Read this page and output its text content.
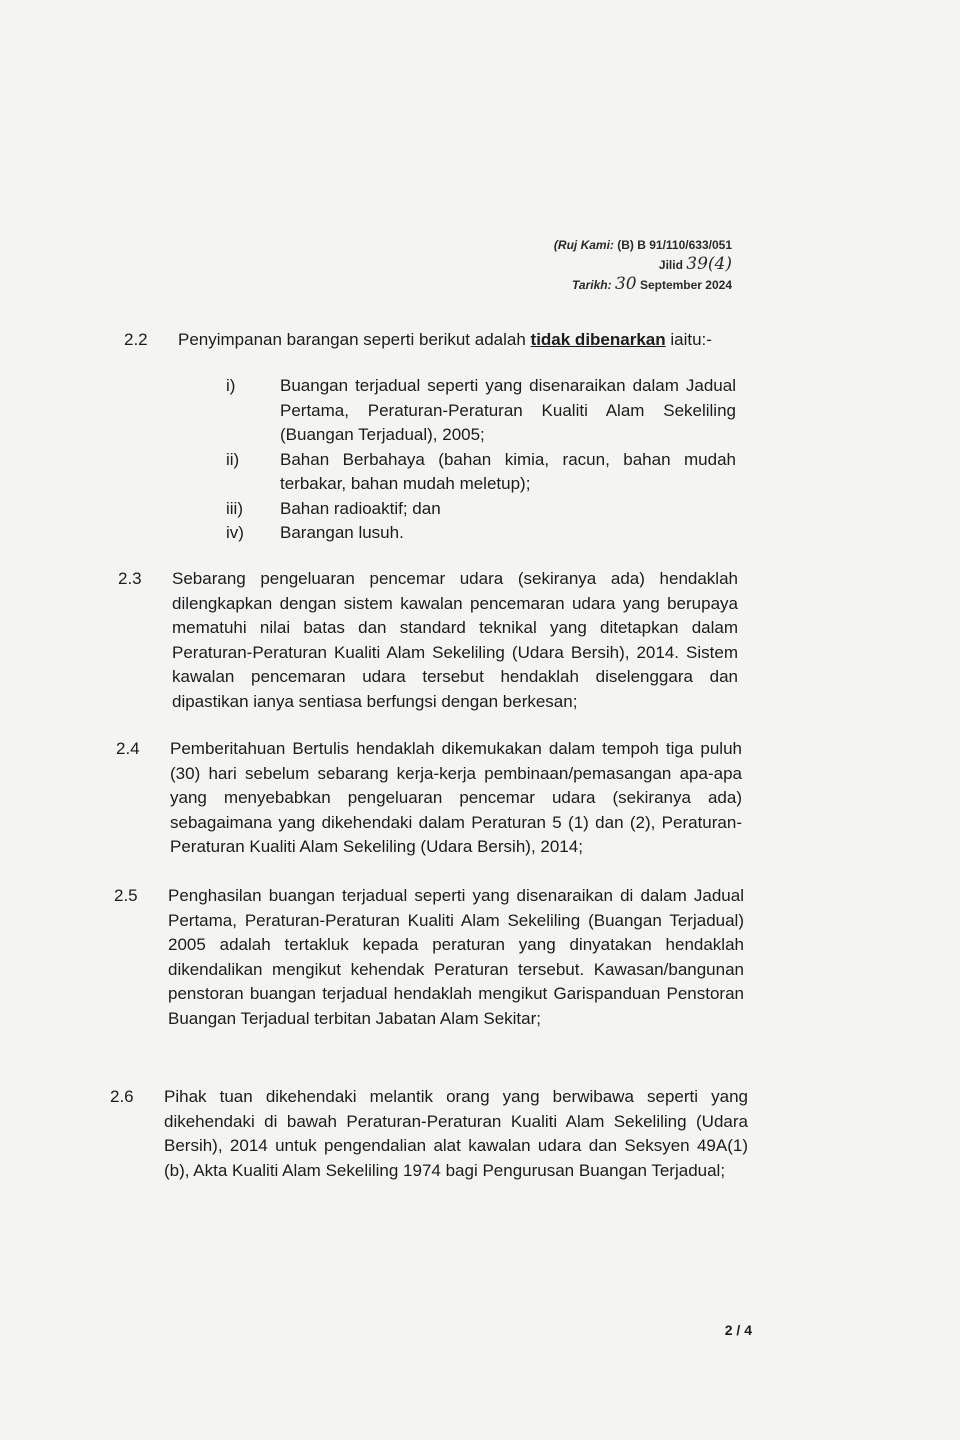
(Ruj Kami: (B) B 91/110/633/051
Jilid 39(4)
Tarikh: 30 September 2024
2.2 Penyimpanan barangan seperti berikut adalah tidak dibenarkan iaitu:-
i)	Buangan terjadual seperti yang disenaraikan dalam Jadual Pertama, Peraturan-Peraturan Kualiti Alam Sekeliling (Buangan Terjadual), 2005;
ii) Bahan Berbahaya (bahan kimia, racun, bahan mudah terbakar, bahan mudah meletup);
iii) Bahan radioaktif; dan
iv) Barangan lusuh.
2.3 Sebarang pengeluaran pencemar udara (sekiranya ada) hendaklah dilengkapkan dengan sistem kawalan pencemaran udara yang berupaya mematuhi nilai batas dan standard teknikal yang ditetapkan dalam Peraturan-Peraturan Kualiti Alam Sekeliling (Udara Bersih), 2014. Sistem kawalan pencemaran udara tersebut hendaklah diselenggara dan dipastikan ianya sentiasa berfungsi dengan berkesan;
2.4 Pemberitahuan Bertulis hendaklah dikemukakan dalam tempoh tiga puluh (30) hari sebelum sebarang kerja-kerja pembinaan/pemasangan apa-apa yang menyebabkan pengeluaran pencemar udara (sekiranya ada) sebagaimana yang dikehendaki dalam Peraturan 5 (1) dan (2), Peraturan-Peraturan Kualiti Alam Sekeliling (Udara Bersih), 2014;
2.5 Penghasilan buangan terjadual seperti yang disenaraikan di dalam Jadual Pertama, Peraturan-Peraturan Kualiti Alam Sekeliling (Buangan Terjadual) 2005 adalah tertakluk kepada peraturan yang dinyatakan hendaklah dikendalikan mengikut kehendak Peraturan tersebut. Kawasan/bangunan penstoran buangan terjadual hendaklah mengikut Garispanduan Penstoran Buangan Terjadual terbitan Jabatan Alam Sekitar;
2.6 Pihak tuan dikehendaki melantik orang yang berwibawa seperti yang dikehendaki di bawah Peraturan-Peraturan Kualiti Alam Sekeliling (Udara Bersih), 2014 untuk pengendalian alat kawalan udara dan Seksyen 49A(1)(b), Akta Kualiti Alam Sekeliling 1974 bagi Pengurusan Buangan Terjadual;
2 / 4
